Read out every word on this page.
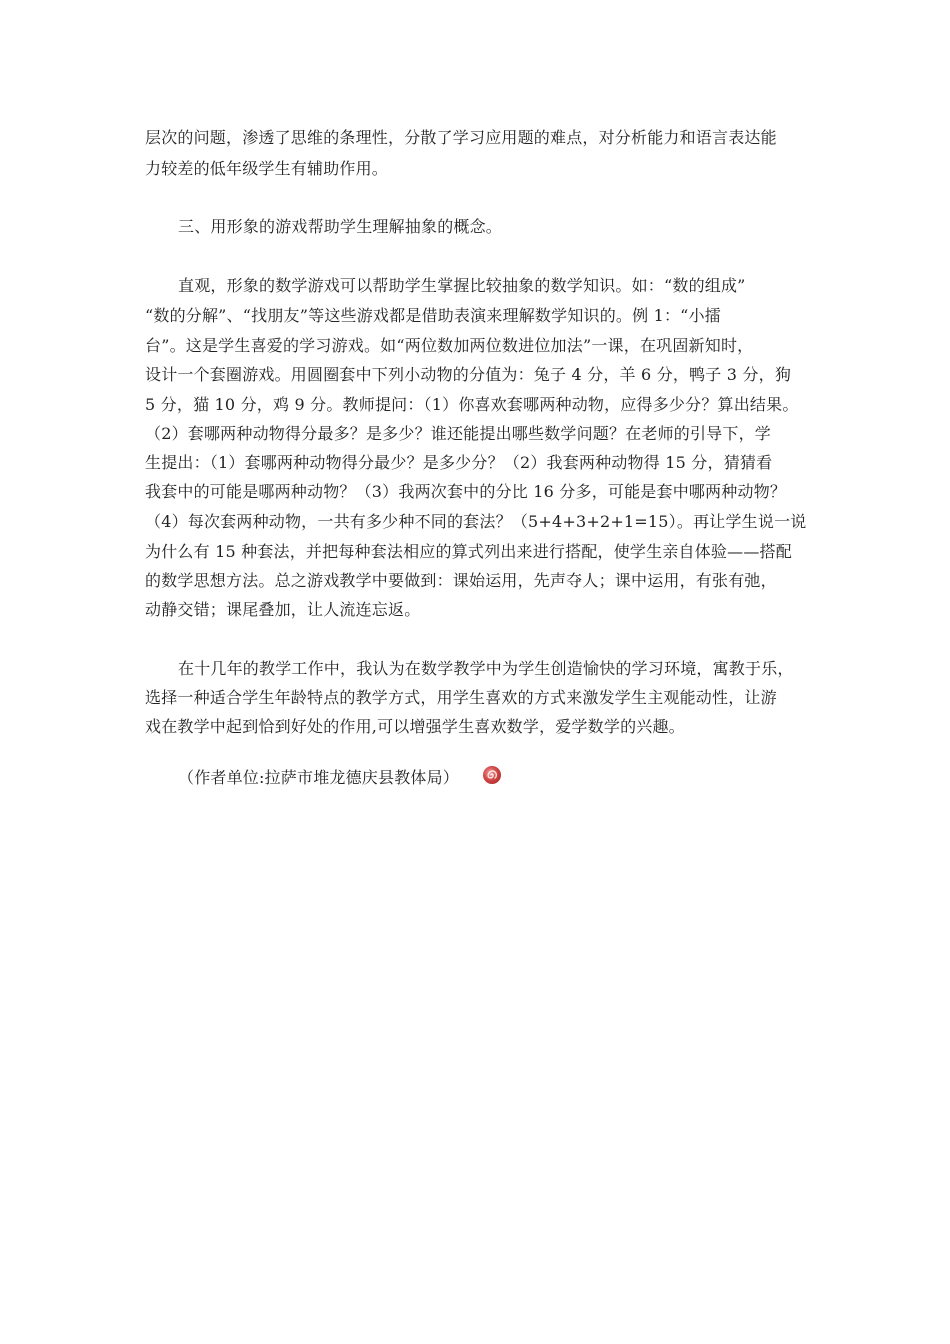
层次的问题，渗透了思维的条理性，分散了学习应用题的难点，对分析能力和语言表达能
力较差的低年级学生有辅助作用。
三、用形象的游戏帮助学生理解抽象的概念。
直观，形象的数学游戏可以帮助学生掌握比较抽象的数学知识。如：“数的组成”
“数的分解”、“找朋友”等这些游戏都是借助表演来理解数学知识的。例 1：“小擂
台”。这是学生喜爱的学习游戏。如“两位数加两位数进位加法”一课，在巩固新知时，
设计一个套圈游戏。用圆圈套中下列小动物的分值为：兔子 4 分，羊 6 分，鸭子 3 分，狗
5 分，猫 10 分，鸡 9 分。教师提问：（1）你喜欢套哪两种动物，应得多少分？算出结果。
（2）套哪两种动物得分最多？是多少？谁还能提出哪些数学问题？在老师的引导下，学
生提出：（1）套哪两种动物得分最少？是多少分？（2）我套两种动物得 15 分，猜猜看
我套中的可能是哪两种动物？（3）我两次套中的分比 16 分多，可能是套中哪两种动物？
（4）每次套两种动物，一共有多少种不同的套法？（5+4+3+2+1=15）。再让学生说一说
为什么有 15 种套法，并把每种套法相应的算式列出来进行搭配，使学生亲自体验——搭配
的数学思想方法。总之游戏教学中要做到：课始运用，先声夺人；课中运用，有张有弛，
动静交错；课尾叠加，让人流连忘返。
在十几年的教学工作中，我认为在数学教学中为学生创造愉快的学习环境，寓教于乐，
选择一种适合学生年龄特点的教学方式，用学生喜欢的方式来激发学生主观能动性，让游
戏在教学中起到恰到好处的作用,可以增强学生喜欢数学，爱学数学的兴趣。
（作者单位:拉萨市堆龙德庆县教体局）
